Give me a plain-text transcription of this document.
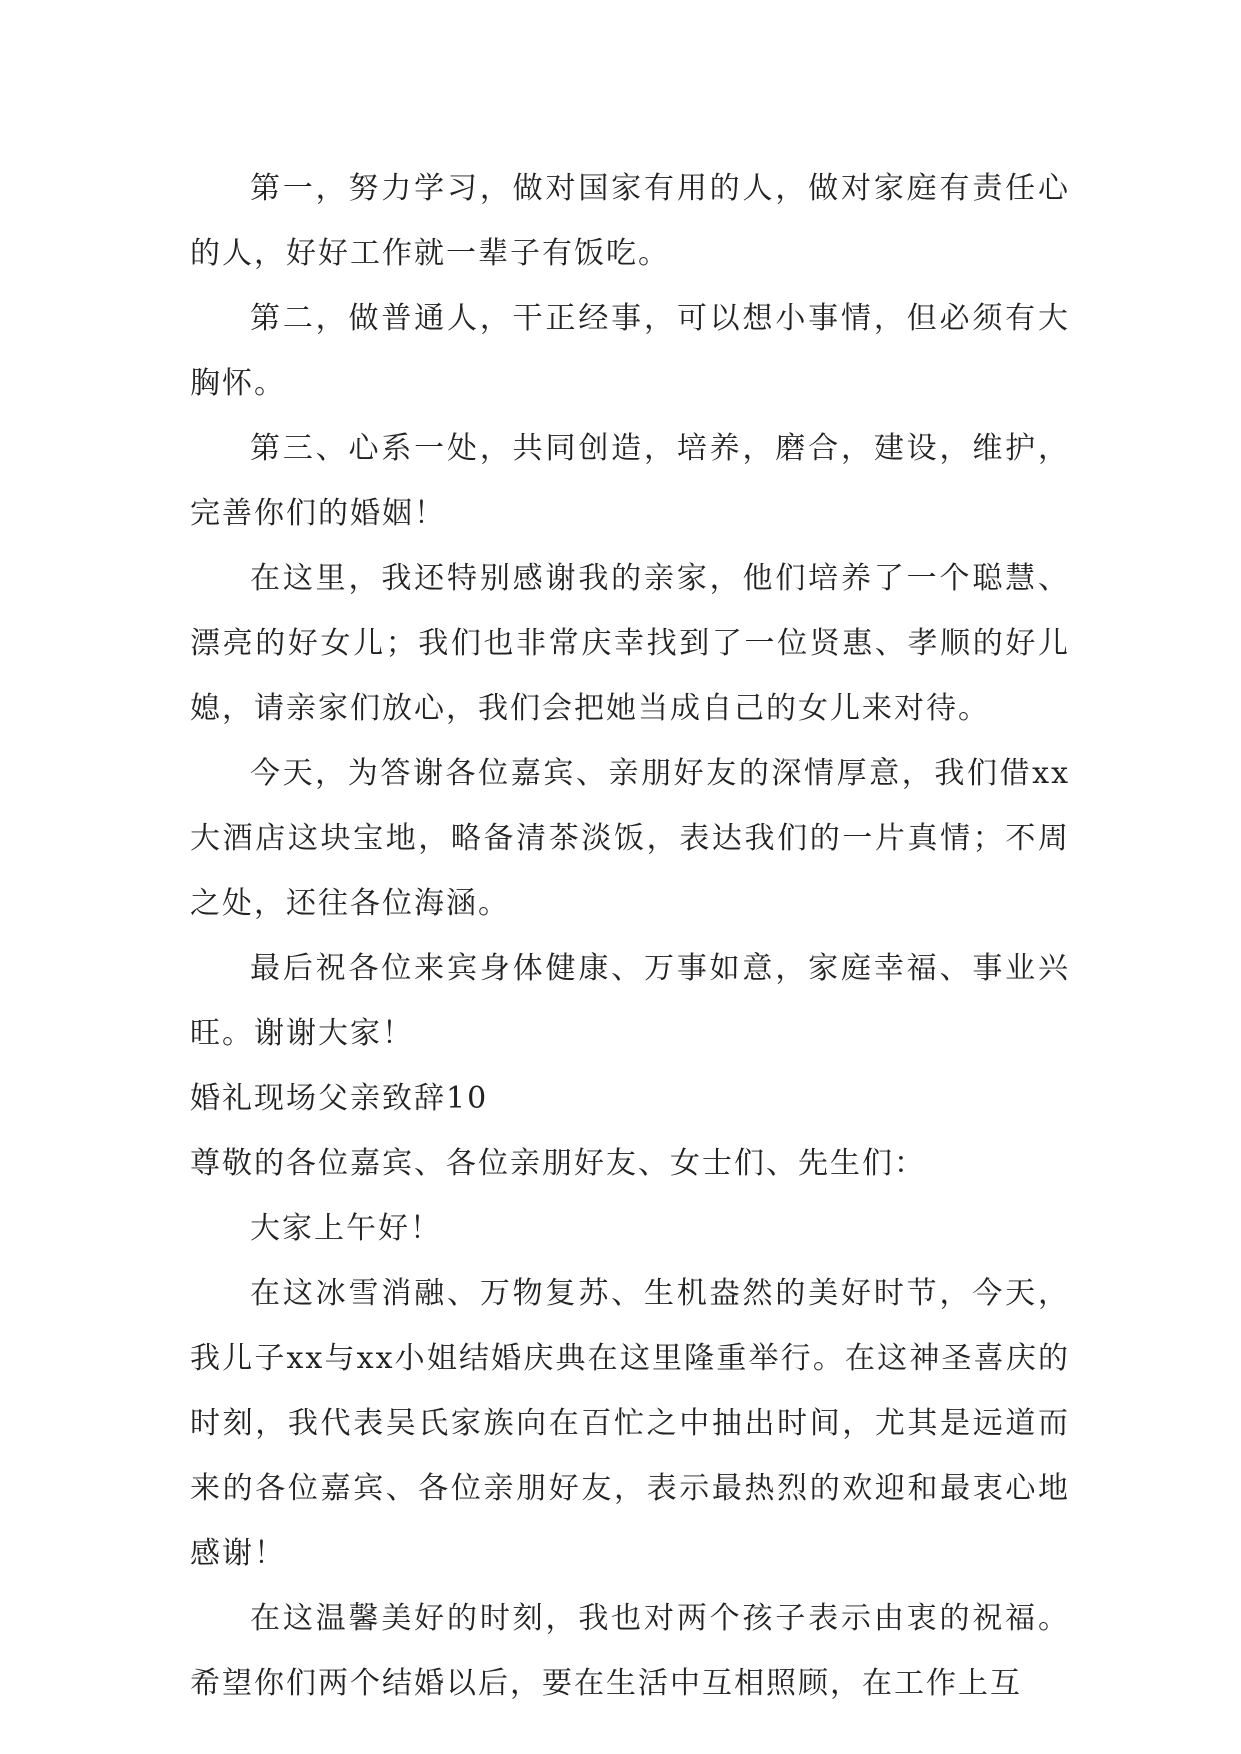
第一，努力学习，做对国家有用的人，做对家庭有责任心的人，好好工作就一辈子有饭吃。

第二，做普通人，干正经事，可以想小事情，但必须有大胸怀。

第三、心系一处，共同创造，培养，磨合，建设，维护，完善你们的婚姻！

在这里，我还特别感谢我的亲家，他们培养了一个聪慧、漂亮的好女儿；我们也非常庆幸找到了一位贤惠、孝顺的好儿媳，请亲家们放心，我们会把她当成自己的女儿来对待。

今天，为答谢各位嘉宾、亲朋好友的深情厚意，我们借xx大酒店这块宝地，略备清茶淡饭，表达我们的一片真情；不周之处，还往各位海涵。

最后祝各位来宾身体健康、万事如意，家庭幸福、事业兴旺。谢谢大家！

婚礼现场父亲致辞10

尊敬的各位嘉宾、各位亲朋好友、女士们、先生们：

大家上午好！

在这冰雪消融、万物复苏、生机盎然的美好时节，今天，我儿子xx与xx小姐结婚庆典在这里隆重举行。在这神圣喜庆的时刻，我代表吴氏家族向在百忙之中抽出时间，尤其是远道而来的各位嘉宾、各位亲朋好友，表示最热烈的欢迎和最衷心地感谢！

在这温馨美好的时刻，我也对两个孩子表示由衷的祝福。希望你们两个结婚以后，要在生活中互相照顾，在工作上互
